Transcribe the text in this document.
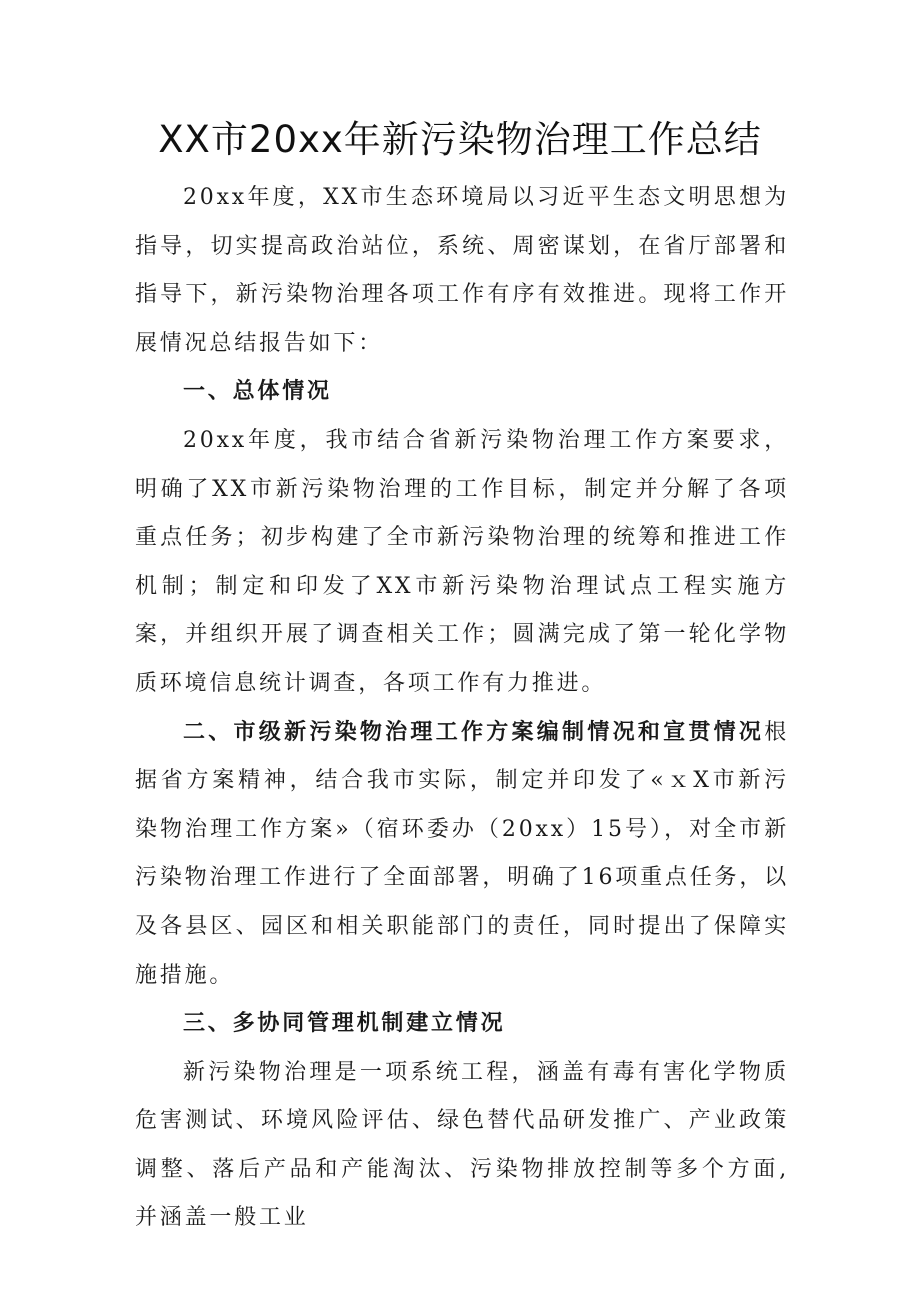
XX市20xx年新污染物治理工作总结

20xx年度，XX市生态环境局以习近平生态文明思想为指导，切实提高政治站位，系统、周密谋划，在省厅部署和指导下，新污染物治理各项工作有序有效推进。现将工作开展情况总结报告如下：

一、总体情况

20xx年度，我市结合省新污染物治理工作方案要求，明确了XX市新污染物治理的工作目标，制定并分解了各项重点任务；初步构建了全市新污染物治理的统筹和推进工作机制；制定和印发了XX市新污染物治理试点工程实施方案，并组织开展了调查相关工作；圆满完成了第一轮化学物质环境信息统计调查，各项工作有力推进。

二、市级新污染物治理工作方案编制情况和宣贯情况根据省方案精神，结合我市实际，制定并印发了«ｘX市新污染物治理工作方案»（宿环委办（20xx）15号），对全市新污染物治理工作进行了全面部署，明确了16项重点任务，以及各县区、园区和相关职能部门的责任，同时提出了保障实施措施。

三、多协同管理机制建立情况

新污染物治理是一项系统工程，涵盖有毒有害化学物质危害测试、环境风险评估、绿色替代品研发推广、产业政策调整、落后产品和产能淘汰、污染物排放控制等多个方面,并涵盖一般工业
